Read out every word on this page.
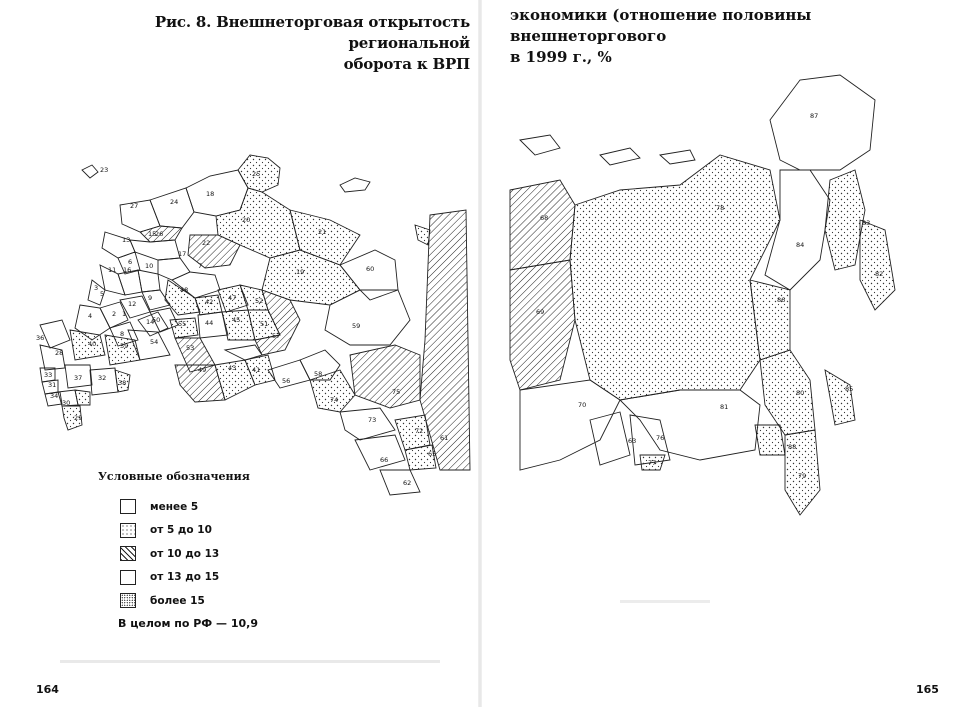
Рис. 8. Внешнеторговая открытость региональной
оборота к ВРП
23	25
18
27	24
26
20
22
21
13
15
19
6 10
16
17
7
11
9
12
3
14
2
5
1
8
4
48
42 47	52
50	55	44	45	51
36
40	39	54
53
57
28
33	37 32
31
34
38
30
29
49	43 41
56
58
60
59
74
75
73
72
66
65
62
61
Условные обозначения
менее 5
от 5 до 10
от 10 до 13
от 13 до 15
более 15
В целом по РФ — 10,9
164
экономики (отношение половины внешнеторгового
в 1999 г., %
87
68
78
84
83
82
69
86
85
80
70	81
63	76
77
88
79
165
